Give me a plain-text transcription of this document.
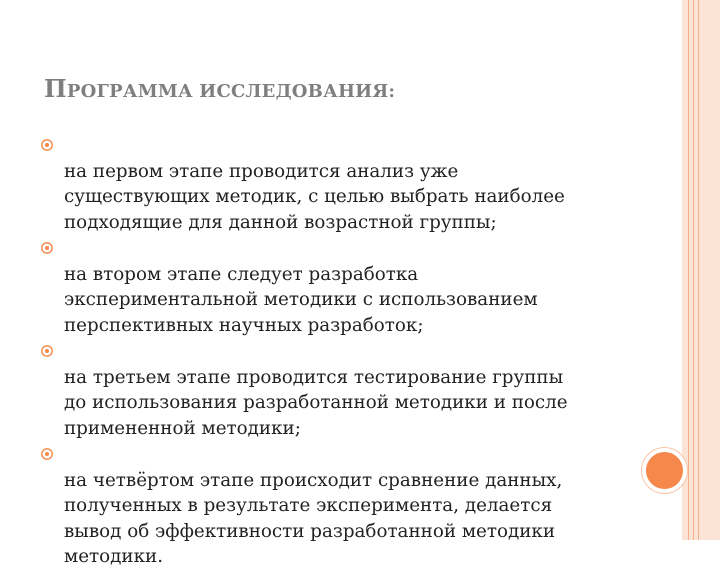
ПРОГРАММА ИССЛЕДОВАНИЯ:

на первом этапе проводится анализ уже
существующих методик, с целью выбрать наиболее
подходящие для данной возрастной группы;

на втором этапе следует разработка
экспериментальной методики с использованием
перспективных научных разработок;

на третьем этапе проводится тестирование группы
до использования разработанной методики и после
примененной методики;

на четвёртом этапе происходит сравнение данных,
полученных в результате эксперимента, делается
вывод об эффективности разработанной методики
методики.
